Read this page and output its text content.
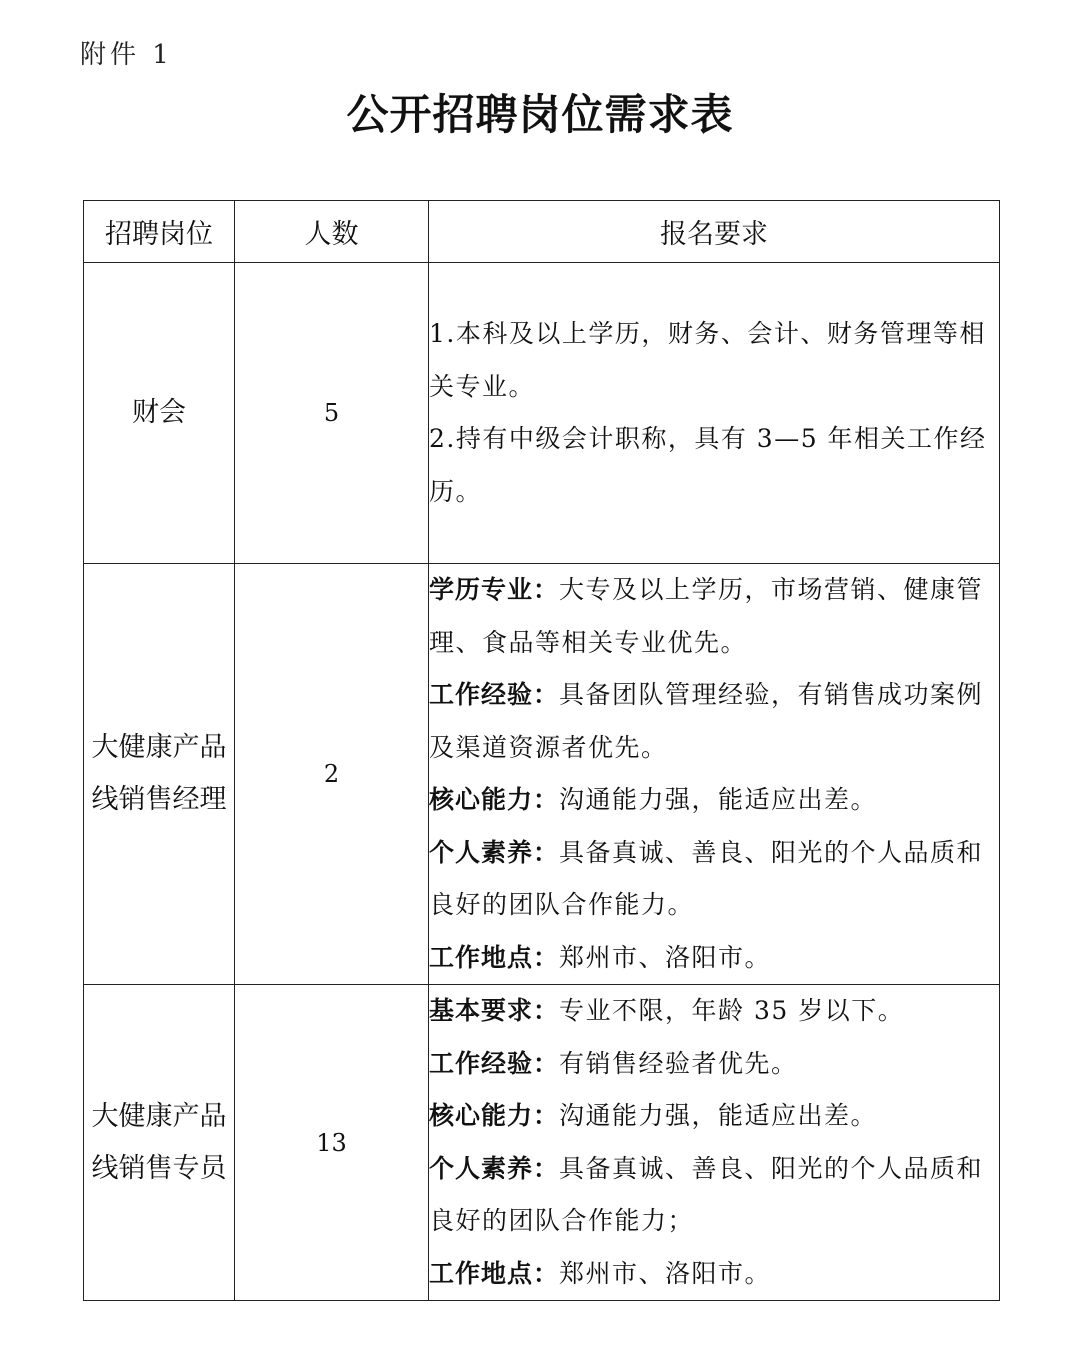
附件 1
公开招聘岗位需求表
招聘岗位	人数	报名要求
财会	5	1.本科及以上学历，财务、会计、财务管理等相关专业。
2.持有中级会计职称，具有 3—5 年相关工作经历。

大健康产品线销售经理	2	学历专业：大专及以上学历，市场营销、健康管理、食品等相关专业优先。
工作经验：具备团队管理经验，有销售成功案例及渠道资源者优先。
核心能力：沟通能力强，能适应出差。
个人素养：具备真诚、善良、阳光的个人品质和良好的团队合作能力。
工作地点：郑州市、洛阳市。

大健康产品线销售专员	13	基本要求：专业不限，年龄 35 岁以下。
工作经验：有销售经验者优先。
核心能力：沟通能力强，能适应出差。
个人素养：具备真诚、善良、阳光的个人品质和良好的团队合作能力；
工作地点：郑州市、洛阳市。
